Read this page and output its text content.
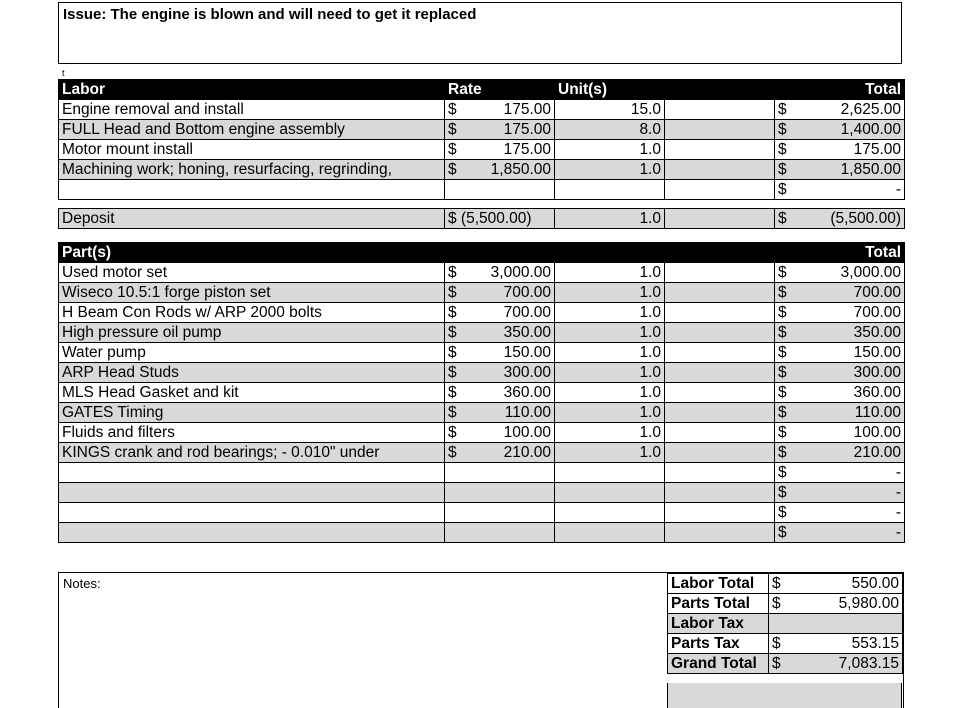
Issue: The engine is blown and will need to get it replaced
t
Labor	Rate	Unit(s)		Total
Engine removal and install	$ 175.00	15.0		$ 2,625.00

FULL Head and Bottom engine assembly	$ 175.00	8.0		$ 1,400.00

Motor mount install	$ 175.00	1.0		$ 175.00

Machining work; honing, resurfacing, regrinding,	$ 1,850.00	1.0		$ 1,850.00

				$ -

Deposit	$ (5,500.00)	1.0		$ (5,500.00)
Part(s)				Total
Used motor set	$ 3,000.00	1.0		$ 3,000.00

Wiseco 10.5:1 forge piston set	$ 700.00	1.0		$ 700.00

H Beam Con Rods w/ ARP 2000 bolts	$ 700.00	1.0		$ 700.00

High pressure oil pump	$ 350.00	1.0		$ 350.00

Water pump	$ 150.00	1.0		$ 150.00

ARP Head Studs	$ 300.00	1.0		$ 300.00

MLS Head Gasket and kit	$ 360.00	1.0		$ 360.00

GATES Timing	$ 110.00	1.0		$ 110.00

Fluids and filters	$ 100.00	1.0		$ 100.00

KINGS crank and rod bearings; - 0.010" under	$ 210.00	1.0		$ 210.00

				$ -

				$ -

				$ -

				$ -
Notes:	Labor Total	$ 550.00

Parts Total	$ 5,980.00

Labor Tax	

Parts Tax	$ 553.15

Grand Total	$ 7,083.15
